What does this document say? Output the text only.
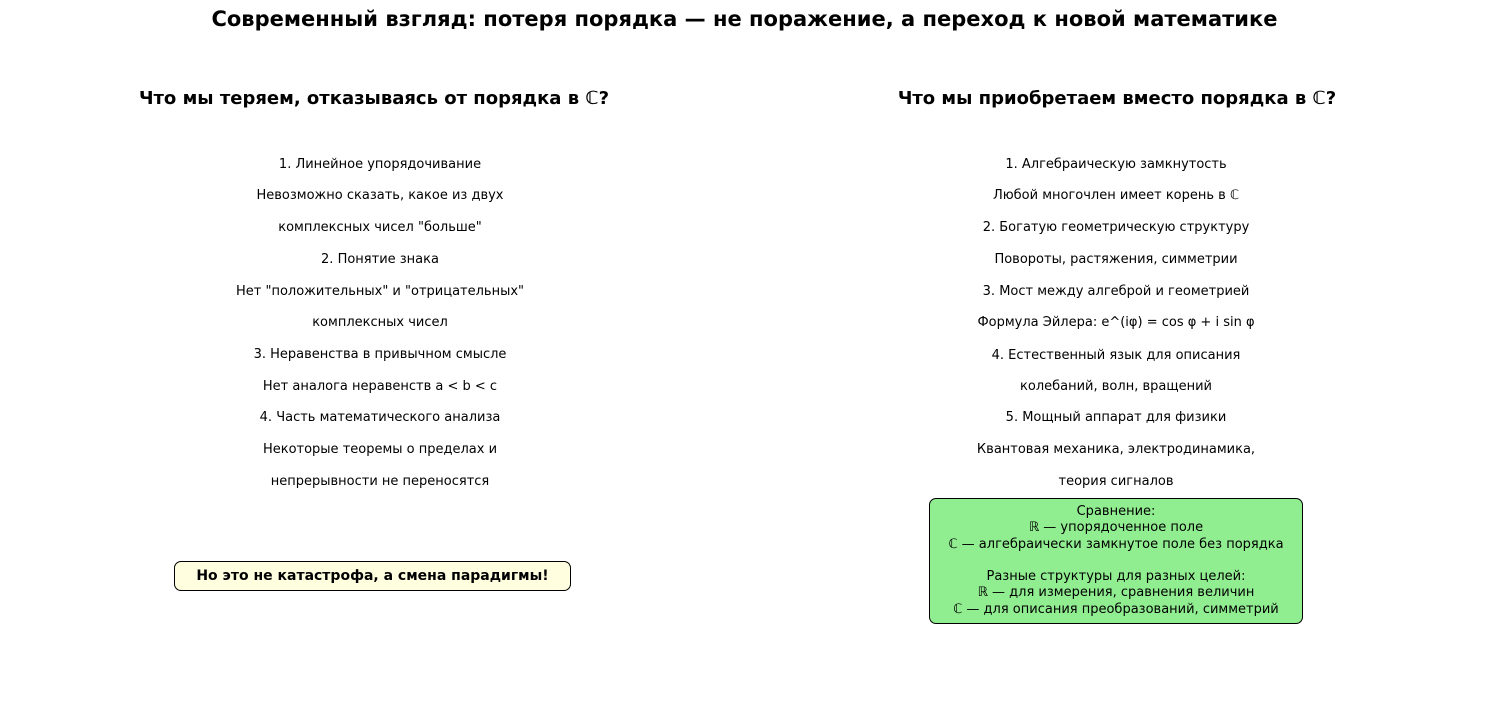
Современный взгляд: потеря порядка — не поражение, а переход к новой математике
Что мы теряем, отказываясь от порядка в ℂ?
1. Линейное упорядочивание
Невозможно сказать, какое из двух
комплексных чисел "больше"
2. Понятие знака
Нет "положительных" и "отрицательных"
комплексных чисел
3. Неравенства в привычном смысле
Нет аналога неравенств a < b < c
4. Часть математического анализа
Некоторые теоремы о пределах и
непрерывности не переносятся
Но это не катастрофа, а смена парадигмы!
Что мы приобретаем вместо порядка в ℂ?
1. Алгебраическую замкнутость
Любой многочлен имеет корень в ℂ
2. Богатую геометрическую структуру
Повороты, растяжения, симметрии
3. Мост между алгеброй и геометрией
Формула Эйлера: e^(iφ) = cos φ + i sin φ
4. Естественный язык для описания
колебаний, волн, вращений
5. Мощный аппарат для физики
Квантовая механика, электродинамика,
теория сигналов
Сравнение:
ℝ — упорядоченное поле
ℂ — алгебраически замкнутое поле без порядка
Разные структуры для разных целей:
ℝ — для измерения, сравнения величин
ℂ — для описания преобразований, симметрий
